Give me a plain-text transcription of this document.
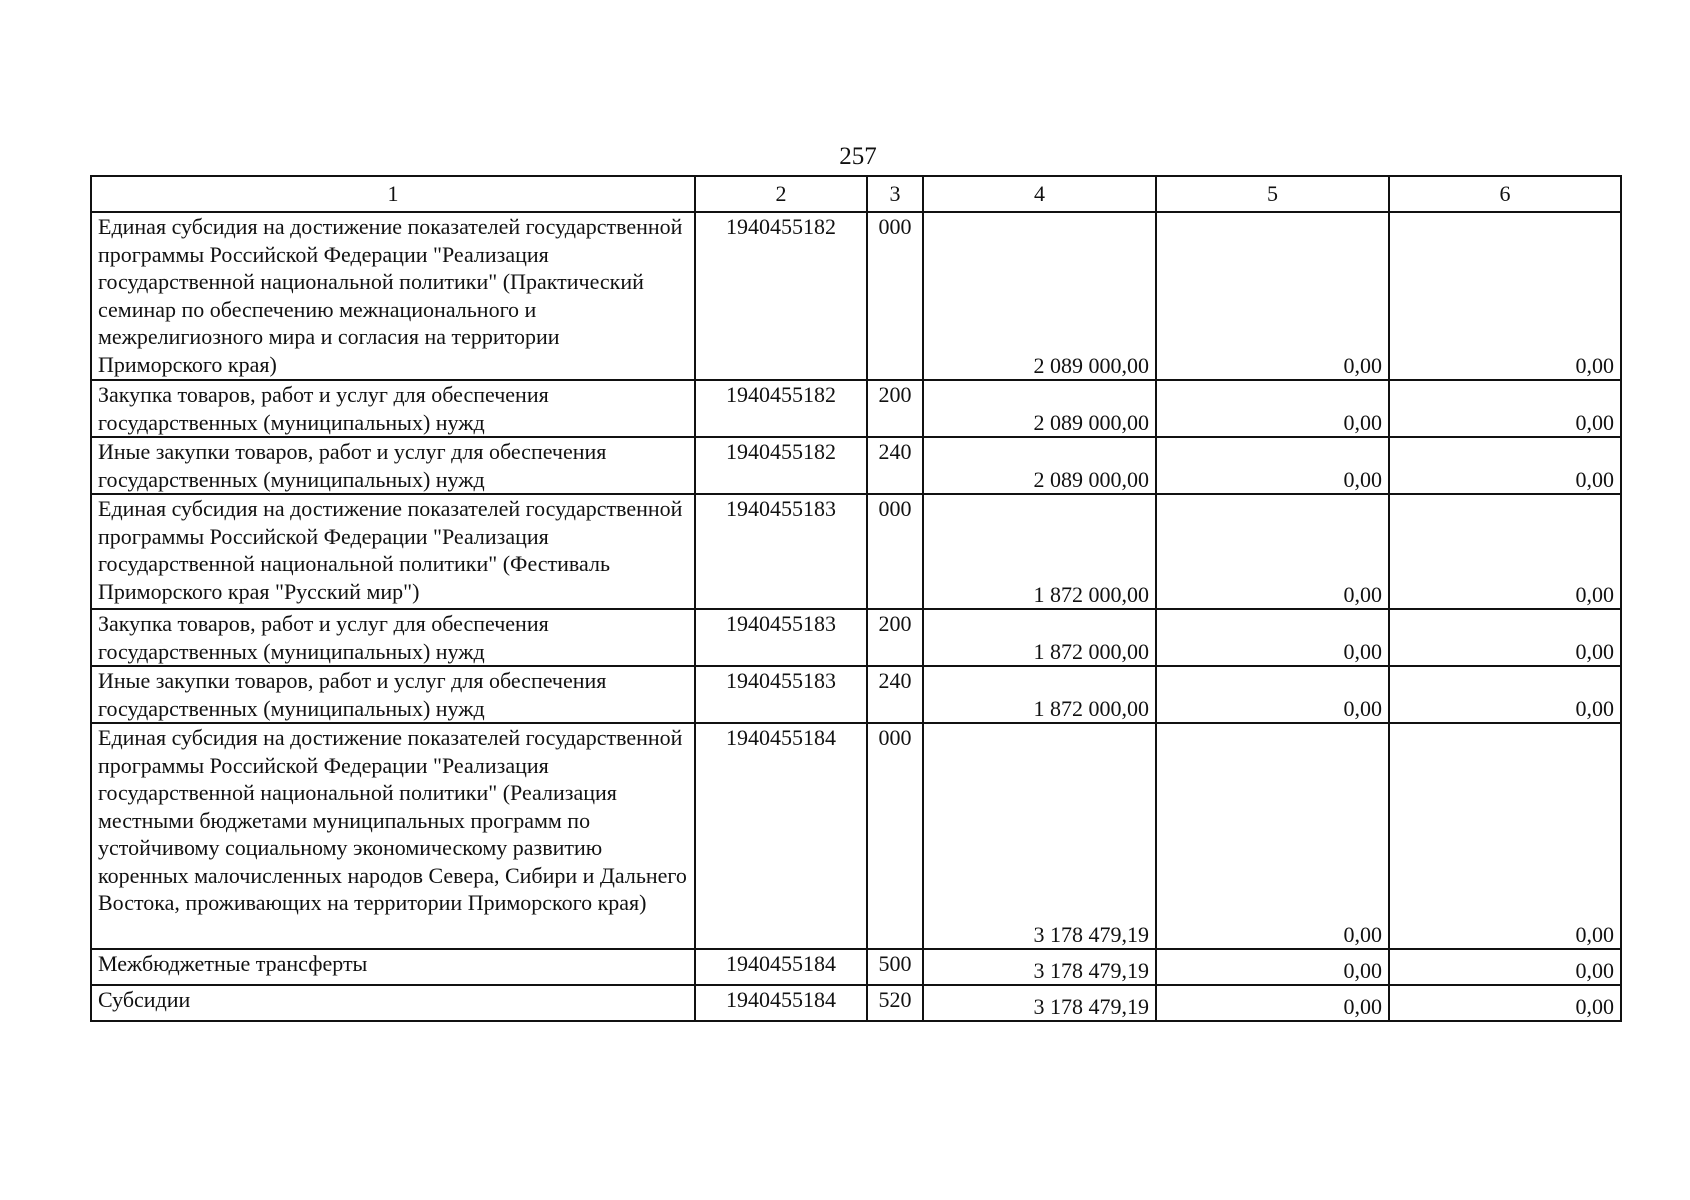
257
1	2	3	4	5	6
Единая субсидия на достижение показателей государственной программы Российской Федерации "Реализация государственной национальной политики" (Практический семинар по обеспечению межнационального и межрелигиозного мира и согласия на территории Приморского края)	1940455182	000	2 089 000,00	0,00	0,00
Закупка товаров, работ и услуг для обеспечения государственных (муниципальных) нужд	1940455182	200	2 089 000,00	0,00	0,00
Иные закупки товаров, работ и услуг для обеспечения государственных (муниципальных) нужд	1940455182	240	2 089 000,00	0,00	0,00
Единая субсидия на достижение показателей государственной программы Российской Федерации "Реализация государственной национальной политики" (Фестиваль Приморского края "Русский мир")	1940455183	000	1 872 000,00	0,00	0,00
Закупка товаров, работ и услуг для обеспечения государственных (муниципальных) нужд	1940455183	200	1 872 000,00	0,00	0,00
Иные закупки товаров, работ и услуг для обеспечения государственных (муниципальных) нужд	1940455183	240	1 872 000,00	0,00	0,00
Единая субсидия на достижение показателей государственной программы Российской Федерации "Реализация государственной национальной политики" (Реализация местными бюджетами муниципальных программ по устойчивому социальному экономическому развитию коренных малочисленных народов Севера, Сибири и Дальнего Востока, проживающих на территории Приморского края)	1940455184	000	3 178 479,19	0,00	0,00
Межбюджетные трансферты	1940455184	500	3 178 479,19	0,00	0,00
Субсидии	1940455184	520	3 178 479,19	0,00	0,00
